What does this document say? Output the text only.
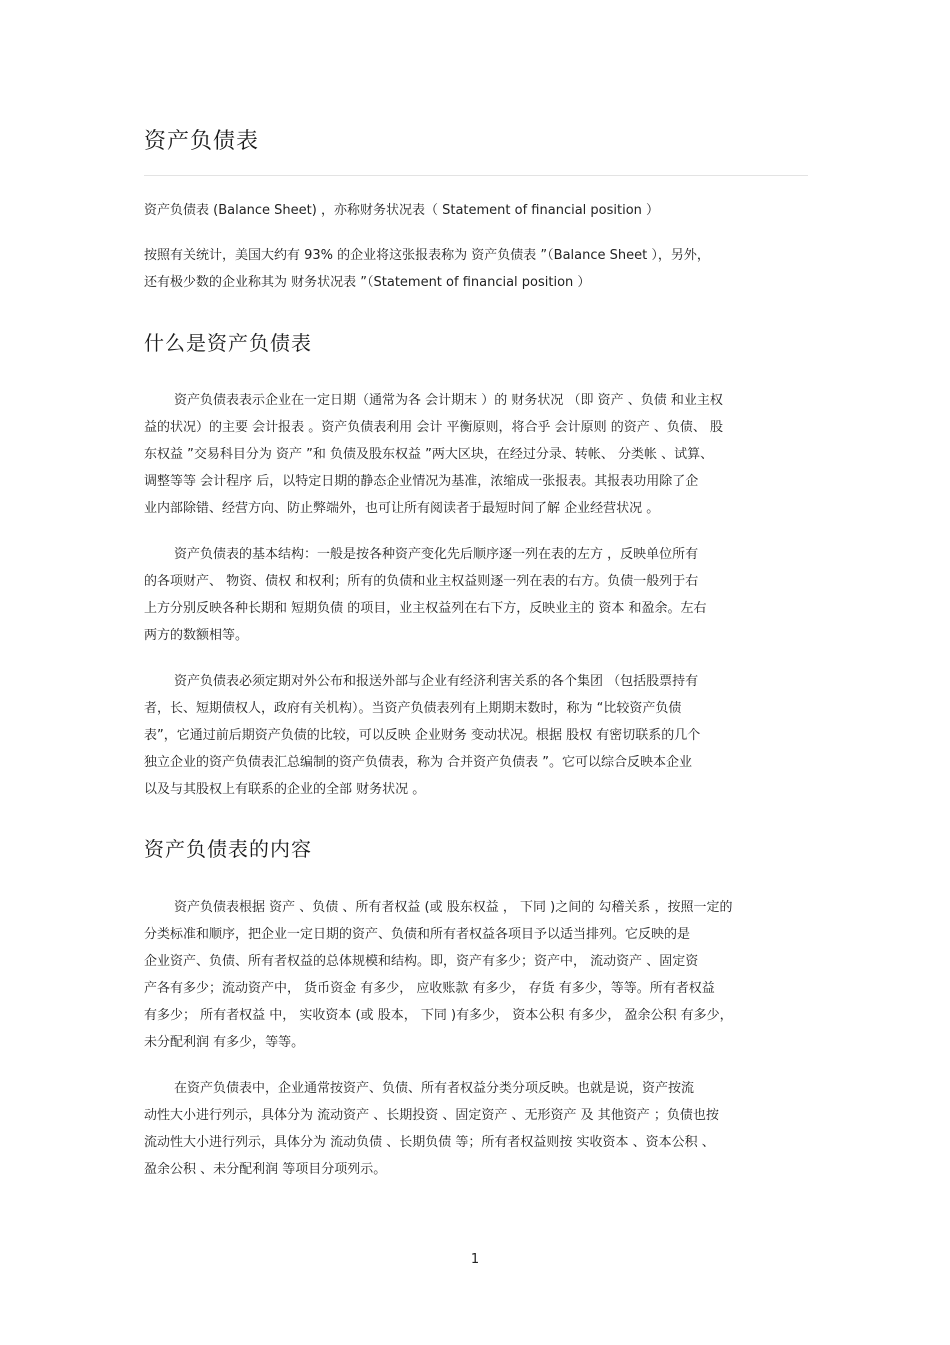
资产负债表
资产负债表 (Balance Sheet) ，亦称财务状况表（ Statement of financial position ）
按照有关统计，美国大约有 93% 的企业将这张报表称为 资产负债表 ”（Balance Sheet ），另外，
还有极少数的企业称其为 财务状况表 ”（Statement of financial position ）
什么是资产负债表
资产负债表表示企业在一定日期（通常为各 会计期末 ）的 财务状况 （即 资产 、负债 和业主权
益的状况）的主要 会计报表 。资产负债表利用 会计 平衡原则，将合乎 会计原则 的资产 、负债、 股
东权益 ”交易科目分为 资产 ”和 负债及股东权益 ”两大区块，在经过分录、转帐、 分类帐 、试算、
调整等等 会计程序 后，以特定日期的静态企业情况为基准，浓缩成一张报表。其报表功用除了企
业内部除错、经营方向、防止弊端外，也可让所有阅读者于最短时间了解 企业经营状况 。
资产负债表的基本结构：一般是按各种资产变化先后顺序逐一列在表的左方 ，反映单位所有
的各项财产、 物资、债权 和权利；所有的负债和业主权益则逐一列在表的右方。负债一般列于右
上方分别反映各种长期和 短期负债 的项目，业主权益列在右下方，反映业主的 资本 和盈余。左右
两方的数额相等。
资产负债表必须定期对外公布和报送外部与企业有经济利害关系的各个集团 （包括股票持有
者，长、短期债权人，政府有关机构）。当资产负债表列有上期期末数时，称为 “比较资产负债
表”，它通过前后期资产负债的比较，可以反映 企业财务 变动状况。根据 股权 有密切联系的几个
独立企业的资产负债表汇总编制的资产负债表，称为 合并资产负债表 ”。它可以综合反映本企业
以及与其股权上有联系的企业的全部 财务状况 。
资产负债表的内容
资产负债表根据 资产 、负债 、所有者权益 (或 股东权益 ， 下同 )之间的 勾稽关系 ，按照一定的
分类标准和顺序，把企业一定日期的资产、负债和所有者权益各项目予以适当排列。它反映的是
企业资产、负债、所有者权益的总体规模和结构。即，资产有多少；资产中， 流动资产 、固定资
产各有多少；流动资产中， 货币资金 有多少， 应收账款 有多少， 存货 有多少，等等。所有者权益
有多少； 所有者权益 中， 实收资本 (或 股本， 下同 )有多少， 资本公积 有多少， 盈余公积 有多少，
未分配利润 有多少，等等。
在资产负债表中，企业通常按资产、负债、所有者权益分类分项反映。也就是说，资产按流
动性大小进行列示，具体分为 流动资产 、长期投资 、固定资产 、无形资产 及 其他资产 ；负债也按
流动性大小进行列示，具体分为 流动负债 、长期负债 等；所有者权益则按 实收资本 、资本公积 、
盈余公积 、未分配利润 等项目分项列示。
1
